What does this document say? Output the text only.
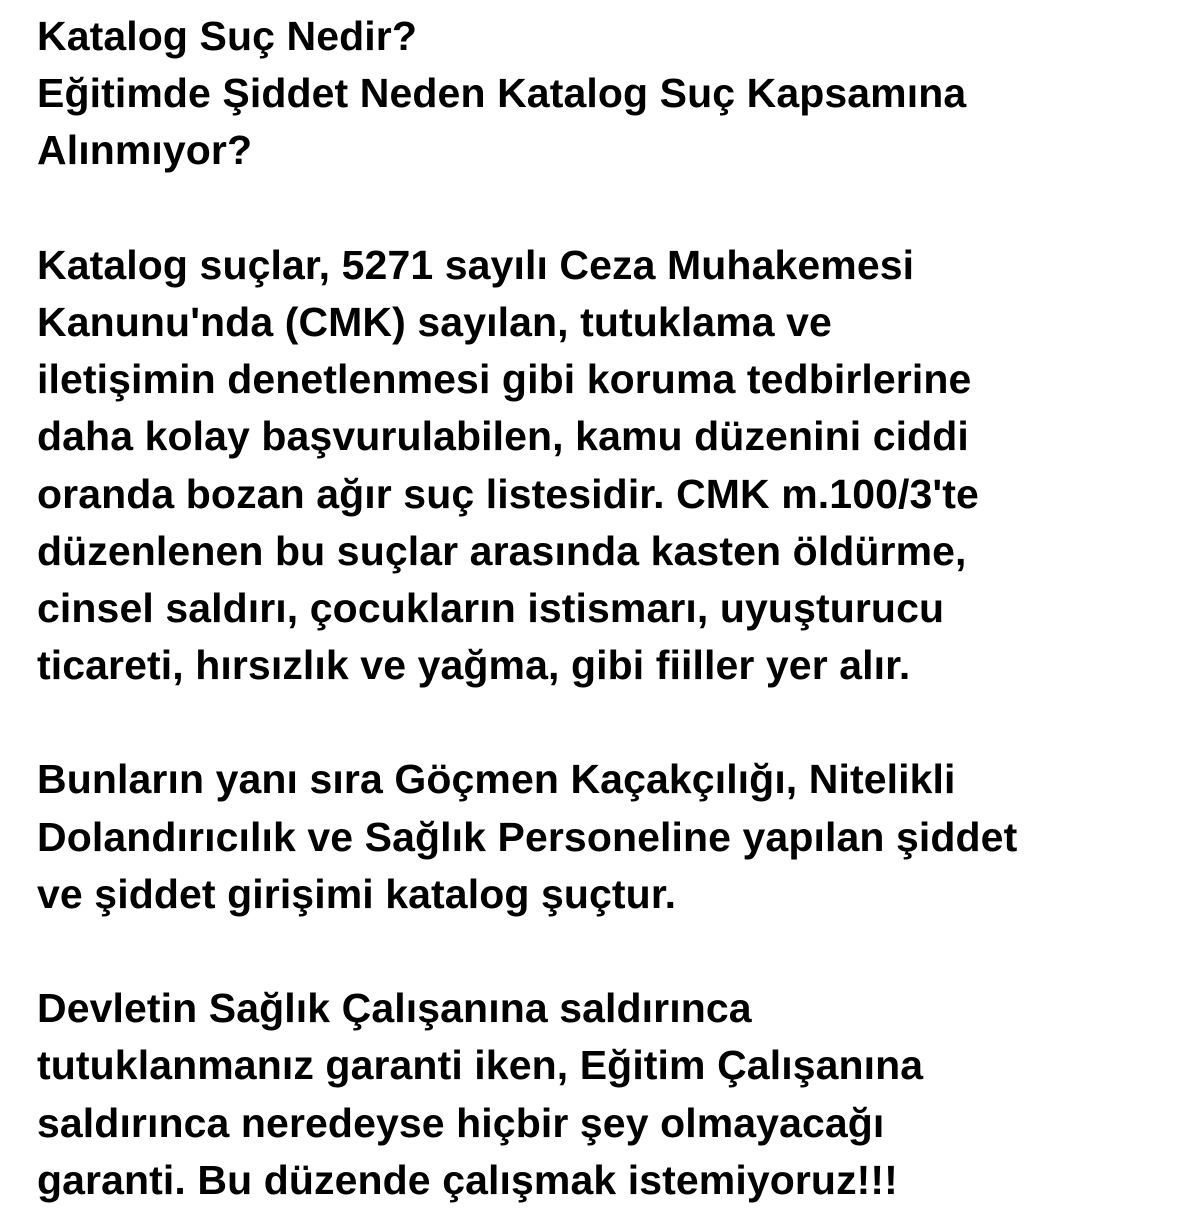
Katalog Suç Nedir?
Eğitimde Şiddet Neden Katalog Suç Kapsamına
Alınmıyor?
Katalog suçlar, 5271 sayılı Ceza Muhakemesi
Kanunu'nda (CMK) sayılan, tutuklama ve
iletişimin denetlenmesi gibi koruma tedbirlerine
daha kolay başvurulabilen, kamu düzenini ciddi
oranda bozan ağır suç listesidir. CMK m.100/3'te
düzenlenen bu suçlar arasında kasten öldürme,
cinsel saldırı, çocukların istismarı, uyuşturucu
ticareti, hırsızlık ve yağma, gibi fiiller yer alır.
Bunların yanı sıra Göçmen Kaçakçılığı, Nitelikli
Dolandırıcılık ve Sağlık Personeline yapılan şiddet
ve şiddet girişimi katalog şuçtur.
Devletin Sağlık Çalışanına saldırınca
tutuklanmanız garanti iken, Eğitim Çalışanına
saldırınca neredeyse hiçbir şey olmayacağı
garanti. Bu düzende çalışmak istemiyoruz!!!
